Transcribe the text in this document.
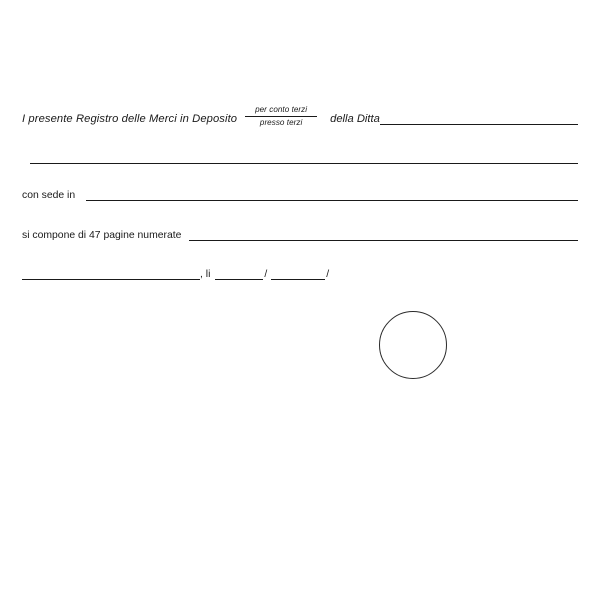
I presente Registro delle Merci in Deposito $\frac{\text{per conto terzi}}{\text{presso terzi}}$ della Ditta
con sede in
si compone di 47 pagine numerate
, li	/	/
